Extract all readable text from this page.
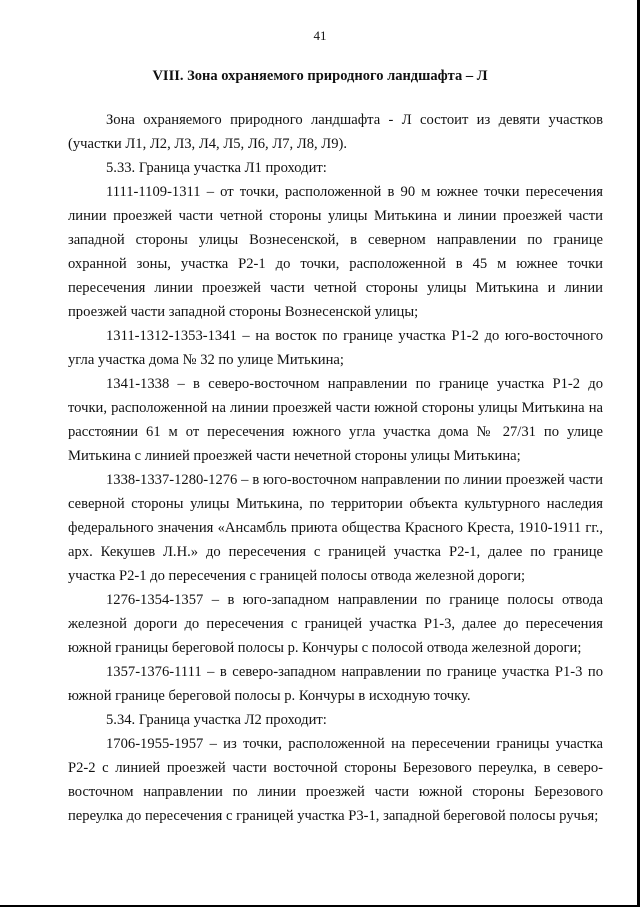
41
VIII. Зона охраняемого природного ландшафта – Л

Зона охраняемого природного ландшафта - Л состоит из девяти участков (участки Л1, Л2, Л3, Л4, Л5, Л6, Л7, Л8, Л9).

5.33. Граница участка Л1 проходит:

1111-1109-1311 – от точки, расположенной в 90 м южнее точки пересечения линии проезжей части четной стороны улицы Митькина и линии проезжей части западной стороны улицы Вознесенской, в северном направлении по границе охранной зоны, участка Р2-1 до точки, расположенной в 45 м южнее точки пересечения линии проезжей части четной стороны улицы Митькина и линии проезжей части западной стороны Вознесенской улицы;

1311-1312-1353-1341 – на восток по границе участка Р1-2 до юго-восточного угла участка дома № 32 по улице Митькина;

1341-1338 – в северо-восточном направлении по границе участка Р1-2 до точки, расположенной на линии проезжей части южной стороны улицы Митькина на расстоянии 61 м от пересечения южного угла участка дома № 27/31 по улице Митькина с линией проезжей части нечетной стороны улицы Митькина;

1338-1337-1280-1276 – в юго-восточном направлении по линии проезжей части северной стороны улицы Митькина, по территории объекта культурного наследия федерального значения «Ансамбль приюта общества Красного Креста, 1910-1911 гг., арх. Кекушев Л.Н.» до пересечения с границей участка Р2-1, далее по границе участка Р2-1 до пересечения с границей полосы отвода железной дороги;

1276-1354-1357 – в юго-западном направлении по границе полосы отвода железной дороги до пересечения с границей участка Р1-3, далее до пересечения южной границы береговой полосы р. Кончуры с полосой отвода железной дороги;

1357-1376-1111 – в северо-западном направлении по границе участка Р1-3 по южной границе береговой полосы р. Кончуры в исходную точку.

5.34. Граница участка Л2 проходит:

1706-1955-1957 – из точки, расположенной на пересечении границы участка Р2-2 с линией проезжей части восточной стороны Березового переулка, в северо-восточном направлении по линии проезжей части южной стороны Березового переулка до пересечения с границей участка Р3-1, западной береговой полосы ручья;
